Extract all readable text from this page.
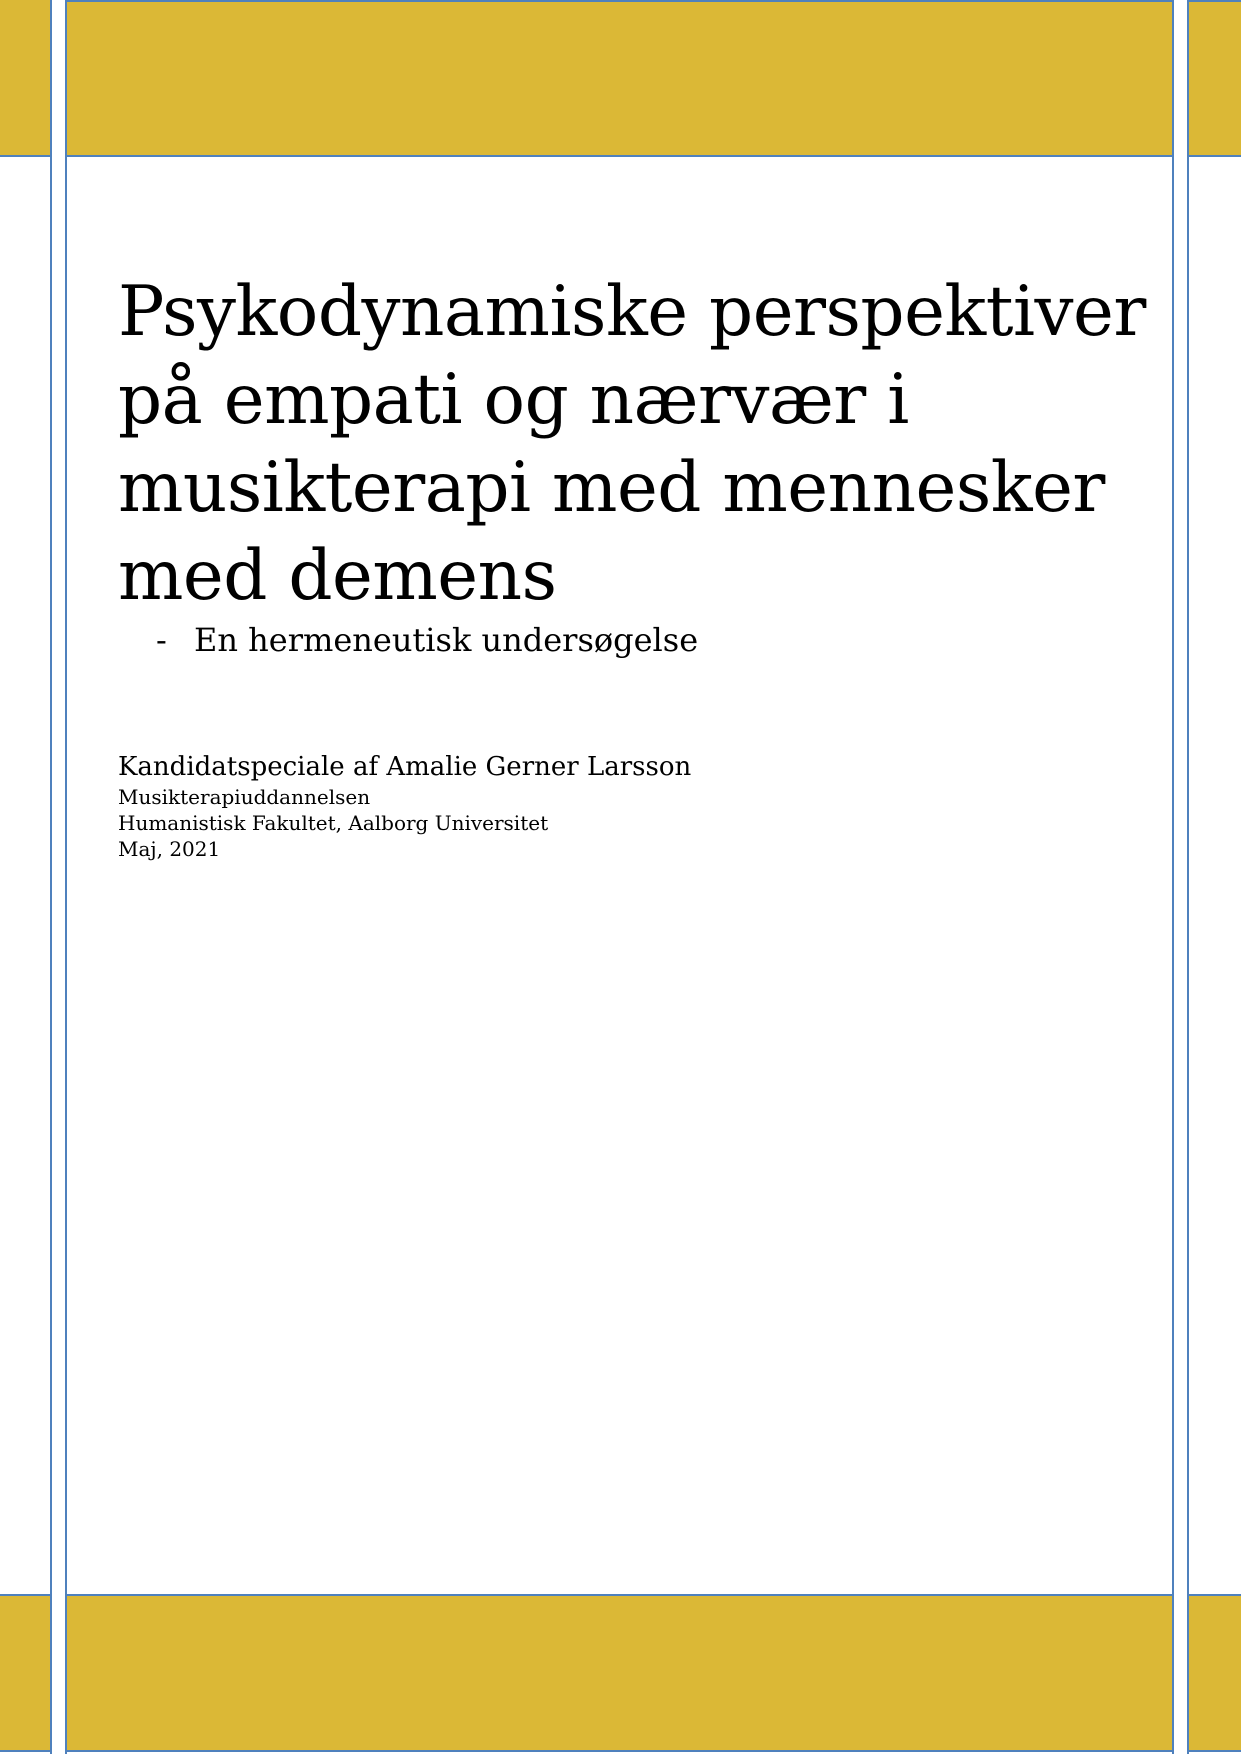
Psykodynamiske perspektiver
på empati og nærvær i
musikterapi med mennesker
med demens
- En hermeneutisk undersøgelse
Kandidatspeciale af Amalie Gerner Larsson
Musikterapiuddannelsen
Humanistisk Fakultet, Aalborg Universitet
Maj, 2021
